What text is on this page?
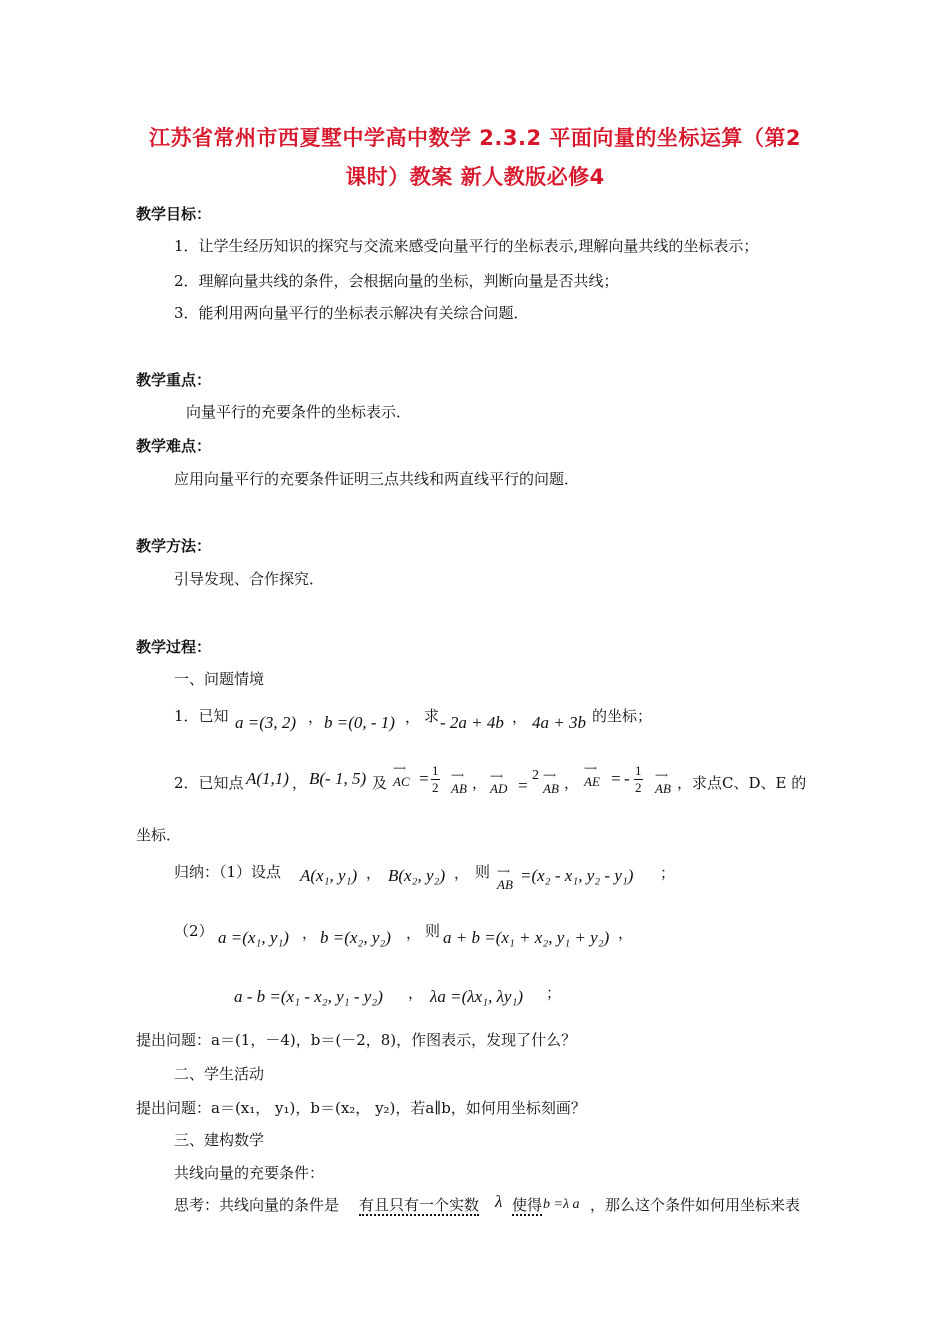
江苏省常州市西夏墅中学高中数学 2.3.2 平面向量的坐标运算（第2
课时）教案 新人教版必修4
教学目标：
1．让学生经历知识的探究与交流来感受向量平行的坐标表示,理解向量共线的坐标表示；
2．理解向量共线的条件，会根据向量的坐标，判断向量是否共线；
3．能利用两向量平行的坐标表示解决有关综合问题．
教学重点：
向量平行的充要条件的坐标表示．
教学难点：
应用向量平行的充要条件证明三点共线和两直线平行的问题．
教学方法：
引导发现、合作探究．
教学过程：
一、问题情境
1．已知 a =(3, 2) ， b =(0, - 1) ， 求 - 2a + 4b ， 4a + 3b 的坐标；
2．已知点 A(1,1) ， B(- 1, 5) 及
⟶
AC = $\frac{1}{2}$ ⟶
AB ， ⟶
AD =
2 ⟶
AB ，
⟶
AE = - $\frac{1}{2}$ ⟶
AB ，求点C、D、E 的
坐标．
归纳：（1）设点 A(x₁, y₁) ， B(x₂, y₂) ， 则 ⟶
AB =(x₂ - x₁, y₂ - y₁) ；
（2） a =(x₁, y₁) ， b =(x₂, y₂) ， 则 a + b =(x₁ + x₂, y₁ + y₂) ，
a - b =(x₁ - x₂, y₁ - y₂) ， λa =(λx₁, λy₁) ；
提出问题：a＝(1，－4)，b＝(－2，8)，作图表示，发现了什么？
二、学生活动
提出问题：a＝(x₁， y₁)，b＝(x₂， y₂)，若a∥b，如何用坐标刻画？
三、建构数学
共线向量的充要条件：
思考：共线向量的条件是 有且只有一个实数 λ 使得 b =λ a ，那么这个条件如何用坐标来表
